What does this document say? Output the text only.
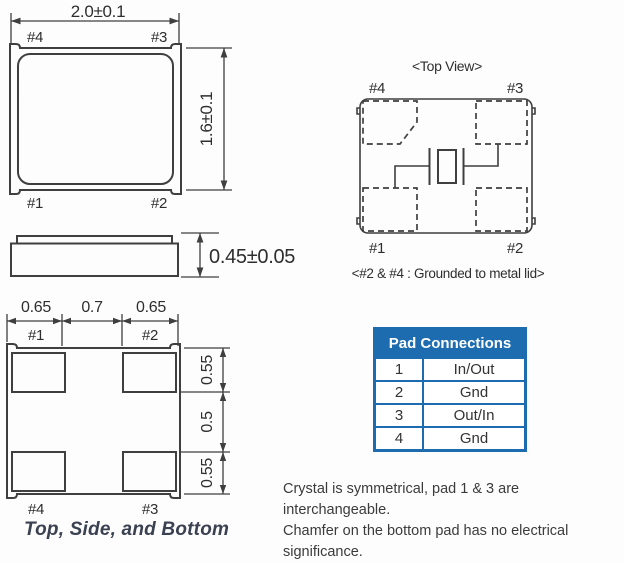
2.0±0.1
#4	#3
#1	#2
1.6±0.1
0.45±0.05
0.65 0.7 0.65
#1	#2
#4	#3
0.55
0.5
0.55
<Top View>
#4	#3
#1	#2
<#2 & #4 : Grounded to metal lid>
Pad Connections	
1	In/Out
2	Gnd
3	Out/In
4	Gnd
Crystal is symmetrical, pad 1 & 3 are interchangeable.
Chamfer on the bottom pad has no electrical significance.
Top, Side, and Bottom
